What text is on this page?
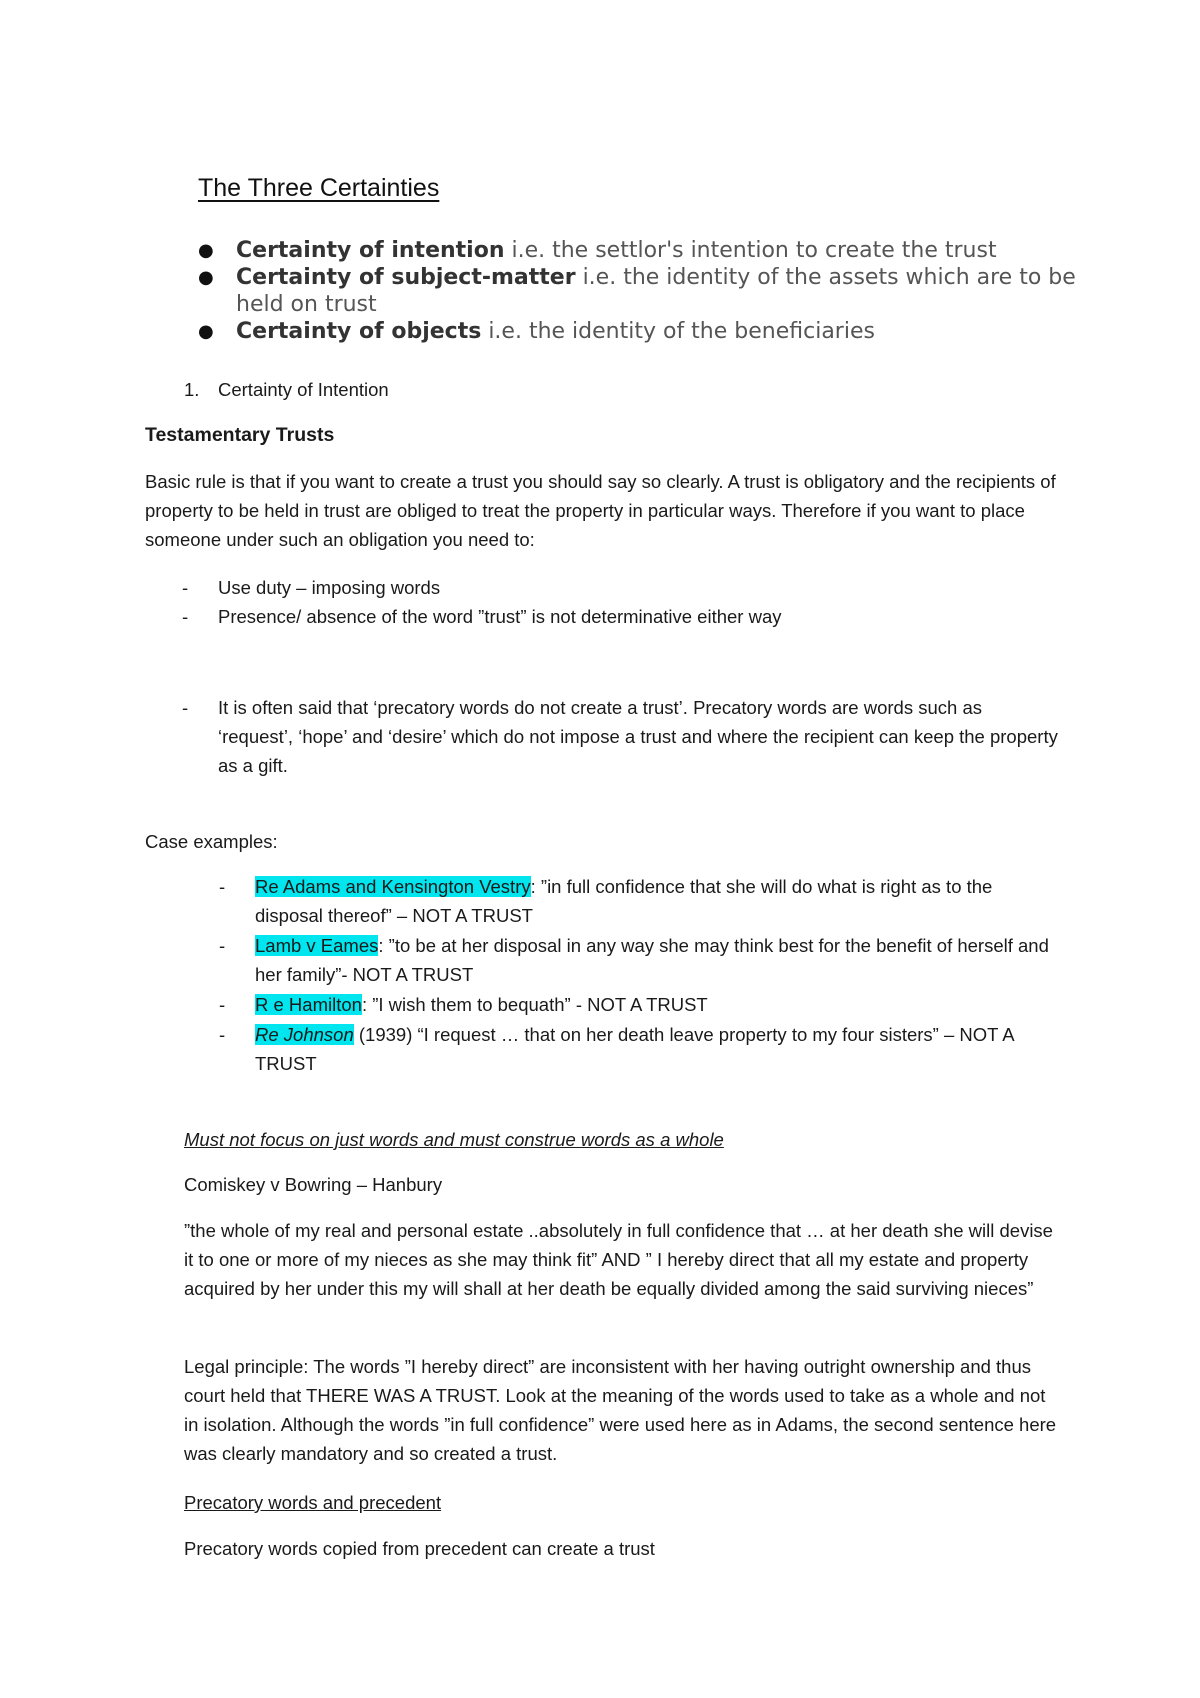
The Three Certainties
● Certainty of intention i.e. the settlor's intention to create the trust
● Certainty of subject-matter i.e. the identity of the assets which are to be held on trust
● Certainty of objects i.e. the identity of the beneficiaries
1. Certainty of Intention
Testamentary Trusts
Basic rule is that if you want to create a trust you should say so clearly. A trust is obligatory and the recipients of property to be held in trust are obliged to treat the property in particular ways. Therefore if you want to place someone under such an obligation you need to:
- Use duty – imposing words
- Presence/ absence of the word ”trust” is not determinative either way
- It is often said that ‘precatory words do not create a trust’. Precatory words are words such as ‘request’, ‘hope’ and ‘desire’ which do not impose a trust and where the recipient can keep the property as a gift.
Case examples:
- Re Adams and Kensington Vestry: ”in full confidence that she will do what is right as to the disposal thereof” – NOT A TRUST
- Lamb v Eames: ”to be at her disposal in any way she may think best for the benefit of herself and her family”- NOT A TRUST
- R e Hamilton: ”I wish them to bequath” - NOT A TRUST
- Re Johnson (1939) “I request … that on her death leave property to my four sisters” – NOT A TRUST
Must not focus on just words and must construe words as a whole
Comiskey v Bowring – Hanbury
”the whole of my real and personal estate ..absolutely in full confidence that … at her death she will devise it to one or more of my nieces as she may think fit” AND ” I hereby direct that all my estate and property acquired by her under this my will shall at her death be equally divided among the said surviving nieces”
Legal principle: The words ”I hereby direct” are inconsistent with her having outright ownership and thus court held that THERE WAS A TRUST. Look at the meaning of the words used to take as a whole and not in isolation. Although the words ”in full confidence” were used here as in Adams, the second sentence here was clearly mandatory and so created a trust.
Precatory words and precedent
Precatory words copied from precedent can create a trust
